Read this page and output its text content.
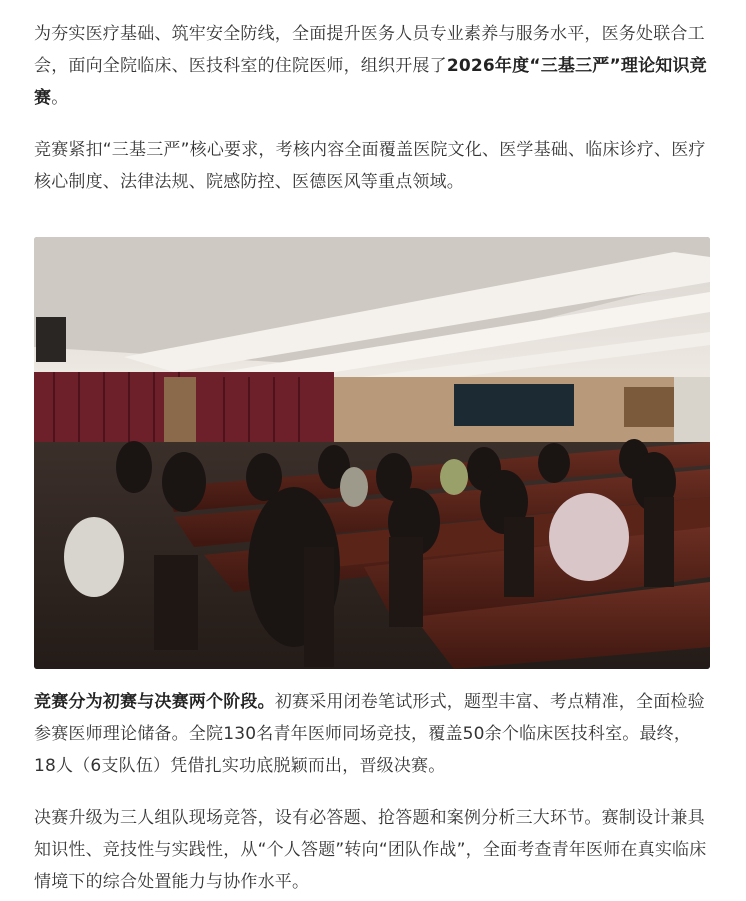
为夯实医疗基础、筑牢安全防线，全面提升医务人员专业素养与服务水平，医务处联合工会，面向全院临床、医技科室的住院医师，组织开展了2026年度“三基三严”理论知识竞赛。

竞赛紧扣“三基三严”核心要求，考核内容全面覆盖医院文化、医学基础、临床诊疗、医疗核心制度、法律法规、院感防控、医德医风等重点领域。

竞赛分为初赛与决赛两个阶段。初赛采用闭卷笔试形式，题型丰富、考点精准，全面检验参赛医师理论储备。全院130名青年医师同场竞技，覆盖50余个临床医技科室。最终，18人（6支队伍）凭借扎实功底脱颖而出，晋级决赛。

决赛升级为三人组队现场竞答，设有必答题、抢答题和案例分析三大环节。赛制设计兼具知识性、竞技性与实践性，从“个人答题”转向“团队作战”，全面考查青年医师在真实临床情境下的综合处置能力与协作水平。
